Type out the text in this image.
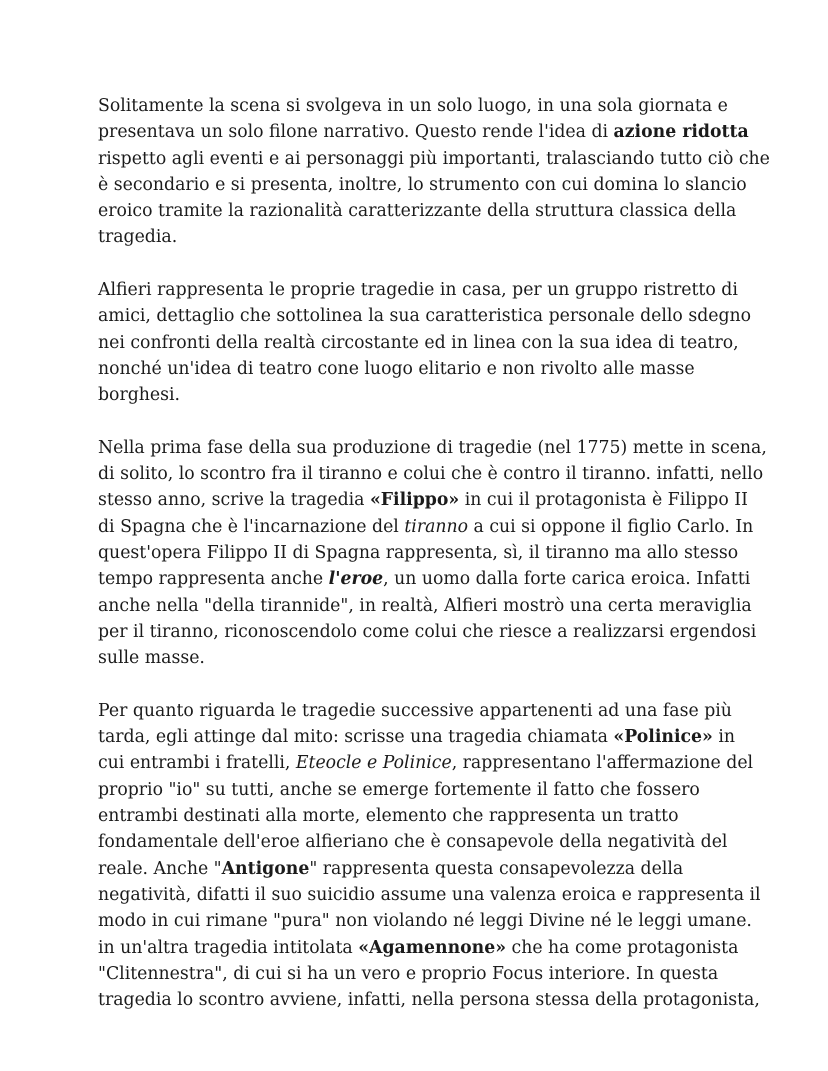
Solitamente la scena si svolgeva in un solo luogo, in una sola giornata e
presentava un solo filone narrativo. Questo rende l'idea di azione ridotta
rispetto agli eventi e ai personaggi più importanti, tralasciando tutto ciò che
è secondario e si presenta, inoltre, lo strumento con cui domina lo slancio
eroico tramite la razionalità caratterizzante della struttura classica della
tragedia.

Alfieri rappresenta le proprie tragedie in casa, per un gruppo ristretto di
amici, dettaglio che sottolinea la sua caratteristica personale dello sdegno
nei confronti della realtà circostante ed in linea con la sua idea di teatro,
nonché un'idea di teatro cone luogo elitario e non rivolto alle masse
borghesi.

Nella prima fase della sua produzione di tragedie (nel 1775) mette in scena,
di solito, lo scontro fra il tiranno e colui che è contro il tiranno. infatti, nello
stesso anno, scrive la tragedia «Filippo» in cui il protagonista è Filippo II
di Spagna che è l'incarnazione del tiranno a cui si oppone il figlio Carlo. In
quest'opera Filippo II di Spagna rappresenta, sì, il tiranno ma allo stesso
tempo rappresenta anche l'eroe, un uomo dalla forte carica eroica. Infatti
anche nella "della tirannide", in realtà, Alfieri mostrò una certa meraviglia
per il tiranno, riconoscendolo come colui che riesce a realizzarsi ergendosi
sulle masse.

Per quanto riguarda le tragedie successive appartenenti ad una fase più
tarda, egli attinge dal mito: scrisse una tragedia chiamata «Polinice» in
cui entrambi i fratelli, Eteocle e Polinice, rappresentano l'affermazione del
proprio "io" su tutti, anche se emerge fortemente il fatto che fossero
entrambi destinati alla morte, elemento che rappresenta un tratto
fondamentale dell'eroe alfieriano che è consapevole della negatività del
reale. Anche "Antigone" rappresenta questa consapevolezza della
negatività, difatti il suo suicidio assume una valenza eroica e rappresenta il
modo in cui rimane "pura" non violando né leggi Divine né le leggi umane.
in un'altra tragedia intitolata «Agamennone» che ha come protagonista
"Clitennestra", di cui si ha un vero e proprio Focus interiore. In questa
tragedia lo scontro avviene, infatti, nella persona stessa della protagonista,
